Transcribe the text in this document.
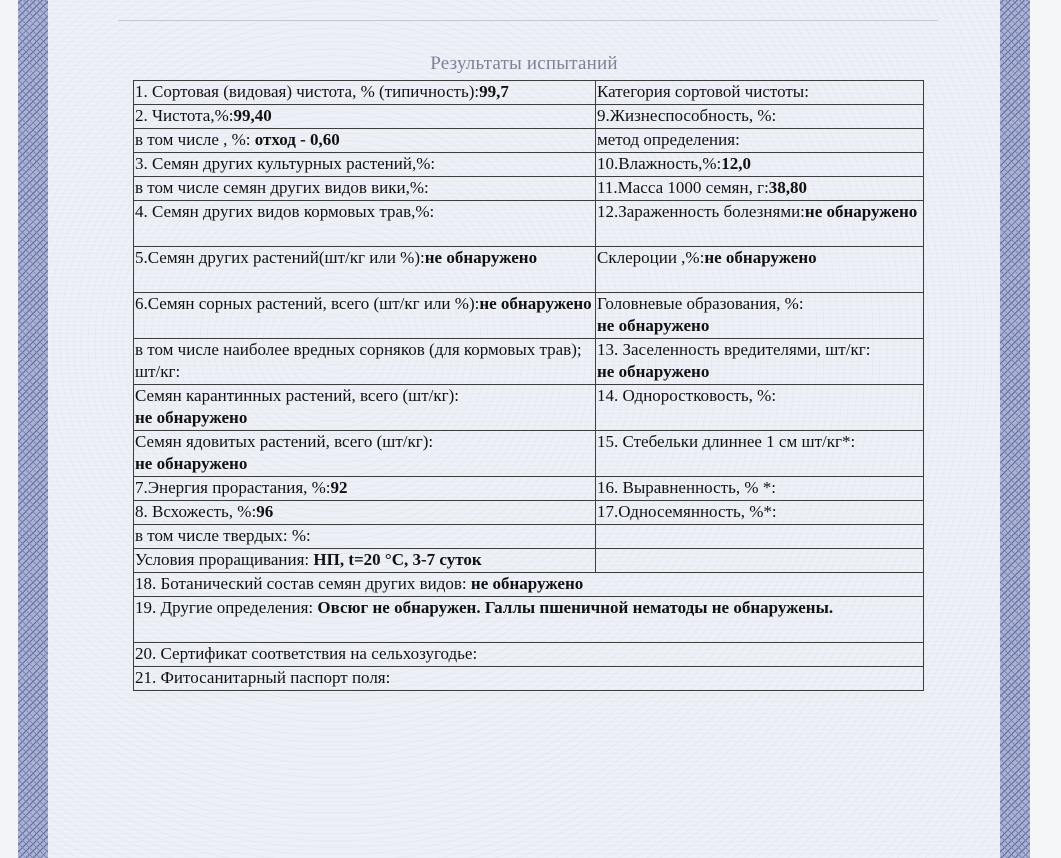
Результаты испытаний
1. Сортовая (видовая) чистота, % (типичность):99,7	Категория сортовой чистоты:
2. Чистота,%:99,40	9.Жизнеспособность, %:
в том числе , %: отход - 0,60	метод определения:
3. Семян других культурных растений,%:	10.Влажность,%:12,0
в том числе семян других видов вики,%:	11.Масса 1000 семян, г:38,80
4. Семян других видов кормовых трав,%:	12.Зараженность болезнями:не обнаружено
5.Семян других растений(шт/кг или %):не обнаружено	Склероции ,%:не обнаружено
6.Семян сорных растений, всего (шт/кг или %):не обнаружено	Головневые образования, %:
не обнаружено
в том числе наиболее вредных сорняков (для кормовых трав); шт/кг:	13. Заселенность вредителями, шт/кг:
не обнаружено
Семян карантинных растений, всего (шт/кг):
не обнаружено	14. Однoростковость, %:
Семян ядовитых растений, всего (шт/кг):
не обнаружено	15. Стебельки длиннее 1 см шт/кг*:
7.Энергия прорастания, %:92	16. Выравненность, % *:
8. Всхожесть, %:96	17.Односемянность, %*:
в том числе твердых: %:	
Условия проращивания: НП, t=20 °С, 3-7 суток	
18. Ботанический состав семян других видов: не обнаружено	
19. Другие определения: Овсюг не обнаружен. Галлы пшеничной нематоды не обнаружены.	
20. Сертификат соответствия на сельхозугодье:	
21. Фитосанитарный паспорт поля:	
